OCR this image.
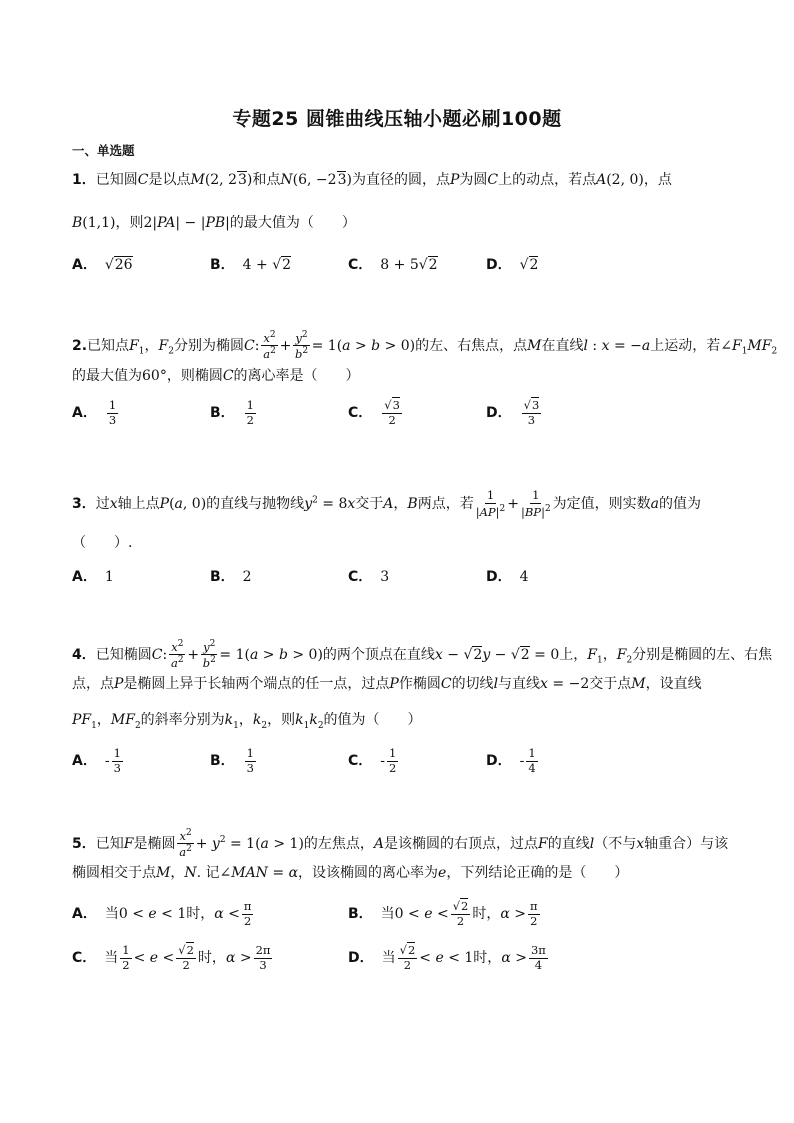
专题25 圆锥曲线压轴小题必刷100题
一、单选题
1．已知圆C是以点M(2, 23)和点N(6, −23)为直径的圆，点P为圆C上的动点，若点A(2, 0)，点
B(1,1)，则2|PA| − |PB|的最大值为（　　）
A． √26	B． 4 + √2	C． 8 + 5√2	D． √2
2.已知点$F_1$，$F_2$分别为椭圆C: $\frac{x^2}{a^2} + \frac{y^2}{b^2} = 1(a > b > 0)$的左、右焦点，点M在直线l : x = −a上运动，若$\angle F_1MF_2$
的最大值为60°，则椭圆C的离心率是（　　）
A． $\frac{1}{3}$	B． $\frac{1}{2}$	C． $\frac{√3}{2}$	D． $\frac{√3}{3}$
3．过x轴上点P(a, 0)的直线与抛物线$y^2 = 8x$交于A，B两点，若 $\frac{1}{|AP|^2} + \frac{1}{|BP|^2}$ 为定值，则实数a的值为
（　　）.
A． 1	B． 2	C． 3	D． 4
4．已知椭圆C: $\frac{x^2}{a^2} + \frac{y^2}{b^2} = 1(a > b > 0)$的两个顶点在直线x − √2y − √2 = 0上，$F_1$，$F_2$分别是椭圆的左、右焦
点，点P是椭圆上异于长轴两个端点的任一点，过点P作椭圆C的切线l与直线x = −2交于点M，设直线
$PF_1$，$MF_2$的斜率分别为$k_1$，$k_2$，则$k_1k_2$的值为（　　）
A． - $\frac{1}{3}$	B． $\frac{1}{3}$	C． - $\frac{1}{2}$	D． - $\frac{1}{4}$
5．已知F是椭圆 $\frac{x^2}{a^2} + y^2 = 1(a > 1)$的左焦点，A是该椭圆的右顶点，过点F的直线l（不与x轴重合）与该
椭圆相交于点M，N. 记∠MAN = α，设该椭圆的离心率为e，下列结论正确的是（　　）
A． 当0 < e < 1时，$\alpha < \frac{\pi}{2}$	B． 当$0 < e < \frac{√2}{2}$ 时，$\alpha > \frac{\pi}{2}$
C． 当 $\frac{1}{2} < e < \frac{√2}{2}$ 时，$\alpha > \frac{2\pi}{3}$	D． 当 $\frac{√2}{2} < e < 1$时，$\alpha > \frac{3\pi}{4}$
